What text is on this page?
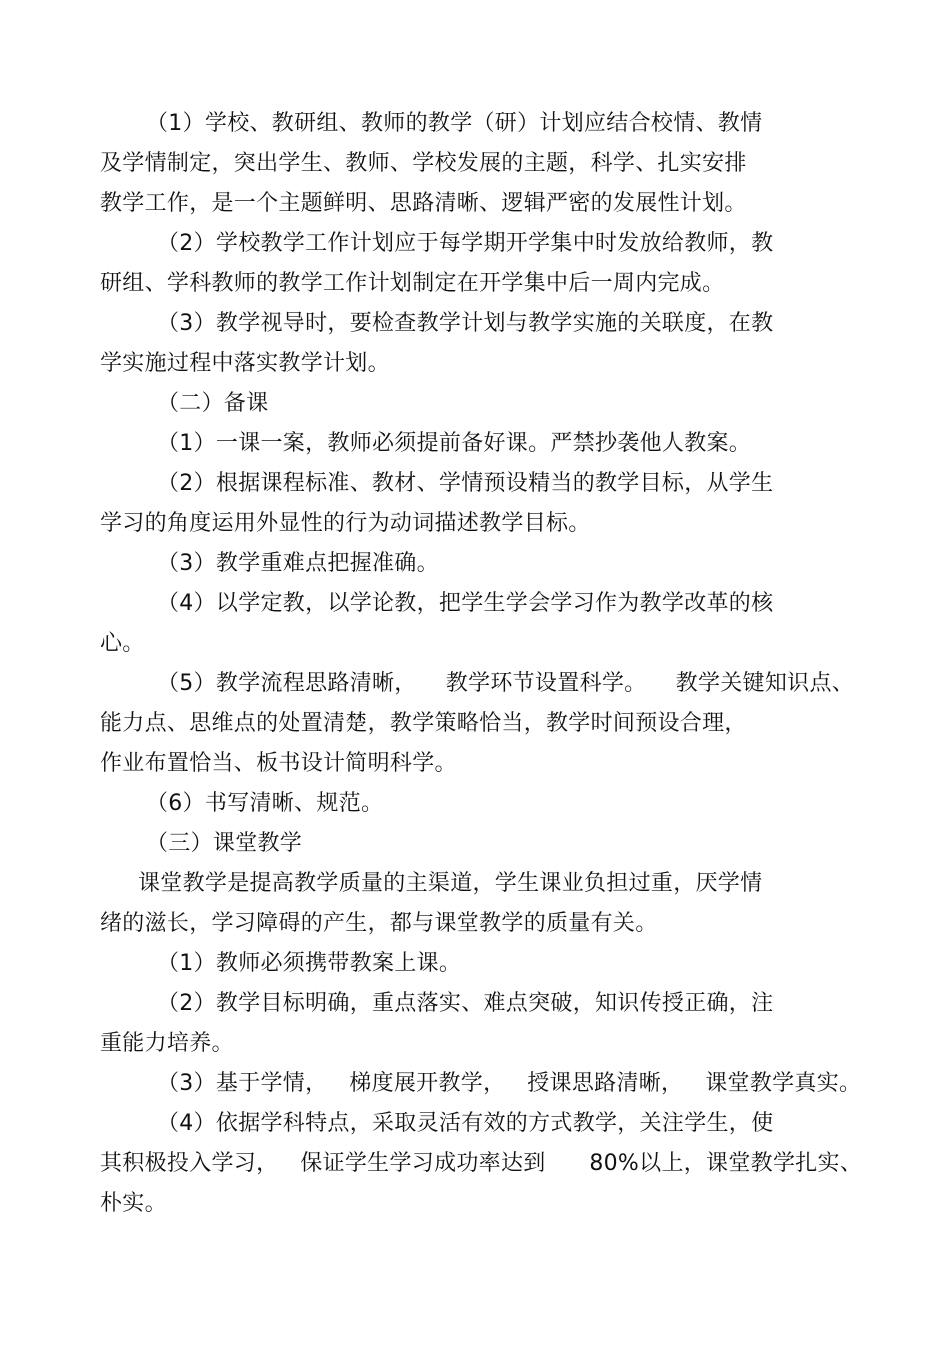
（1）学校、教研组、教师的教学（研）计划应结合校情、教情
及学情制定，突出学生、教师、学校发展的主题，科学、扎实安排
教学工作，是一个主题鲜明、思路清晰、逻辑严密的发展性计划。
（2）学校教学工作计划应于每学期开学集中时发放给教师，教
研组、学科教师的教学工作计划制定在开学集中后一周内完成。
（3）教学视导时，要检查教学计划与教学实施的关联度，在教
学实施过程中落实教学计划。
（二）备课
（1）一课一案，教师必须提前备好课。严禁抄袭他人教案。
（2）根据课程标准、教材、学情预设精当的教学目标，从学生
学习的角度运用外显性的行为动词描述教学目标。
（3）教学重难点把握准确。
（4）以学定教，以学论教，把学生学会学习作为教学改革的核
心。
（5）教学流程思路清晰，    教学环节设置科学。    教学关键知识点、
能力点、思维点的处置清楚，教学策略恰当，教学时间预设合理，
作业布置恰当、板书设计简明科学。
（6）书写清晰、规范。
（三）课堂教学
课堂教学是提高教学质量的主渠道，学生课业负担过重，厌学情
绪的滋长，学习障碍的产生，都与课堂教学的质量有关。
（1）教师必须携带教案上课。
（2）教学目标明确，重点落实、难点突破，知识传授正确，注
重能力培养。
（3）基于学情，   梯度展开教学，   授课思路清晰，   课堂教学真实。
（4）依据学科特点，采取灵活有效的方式教学，关注学生，使
其积极投入学习，   保证学生学习成功率达到      80%以上，课堂教学扎实、
朴实。
